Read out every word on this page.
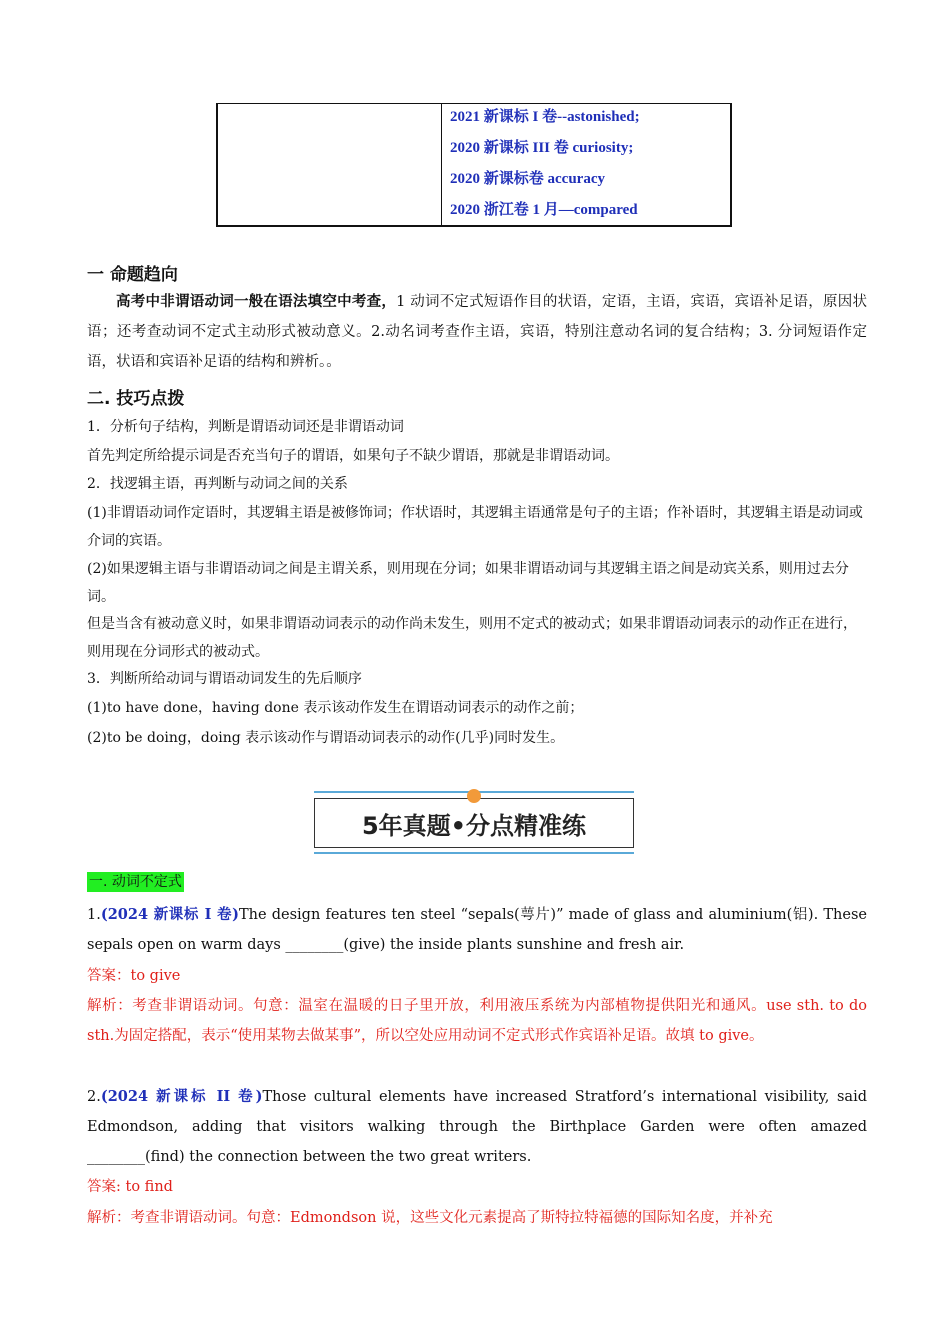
2021 新课标 I 卷--astonished;
2020 新课标 III 卷 curiosity;
2020 新课标卷 accuracy
2020 浙江卷 1 月—compared
一 命题趋向
高考中非谓语动词一般在语法填空中考查，1 动词不定式短语作目的状语，定语，主语，宾语，宾语补足语，原因状语；还考查动词不定式主动形式被动意义。2.动名词考查作主语，宾语，特别注意动名词的复合结构；3. 分词短语作定语，状语和宾语补足语的结构和辨析。。
二. 技巧点拨
1．分析句子结构，判断是谓语动词还是非谓语动词
首先判定所给提示词是否充当句子的谓语，如果句子不缺少谓语，那就是非谓语动词。
2．找逻辑主语，再判断与动词之间的关系
(1)非谓语动词作定语时，其逻辑主语是被修饰词；作状语时，其逻辑主语通常是句子的主语；作补语时，其逻辑主语是动词或介词的宾语。
(2)如果逻辑主语与非谓语动词之间是主谓关系，则用现在分词；如果非谓语动词与其逻辑主语之间是动宾关系，则用过去分词。
但是当含有被动意义时，如果非谓语动词表示的动作尚未发生，则用不定式的被动式；如果非谓语动词表示的动作正在进行，则用现在分词形式的被动式。
3．判断所给动词与谓语动词发生的先后顺序
(1)to have done，having done 表示该动作发生在谓语动词表示的动作之前；
(2)to be doing，doing 表示该动作与谓语动词表示的动作(几乎)同时发生。
5年真题•分点精准练
一. 动词不定式
1.(2024 新课标 I 卷)The design features ten steel “sepals(萼片)” made of glass and aluminium(铝). These sepals open on warm days ________(give) the inside plants sunshine and fresh air.
答案：to give
解析：考查非谓语动词。句意：温室在温暖的日子里开放，利用液压系统为内部植物提供阳光和通风。use sth. to do sth.为固定搭配，表示“使用某物去做某事”，所以空处应用动词不定式形式作宾语补足语。故填 to give。
2.(2024 新课标 II 卷)Those cultural elements have increased Stratford’s international visibility, said Edmondson, adding that visitors walking through the Birthplace Garden were often amazed ________(find) the connection between the two great writers.
答案: to find
解析：考查非谓语动词。句意：Edmondson 说，这些文化元素提高了斯特拉特福德的国际知名度，并补充
